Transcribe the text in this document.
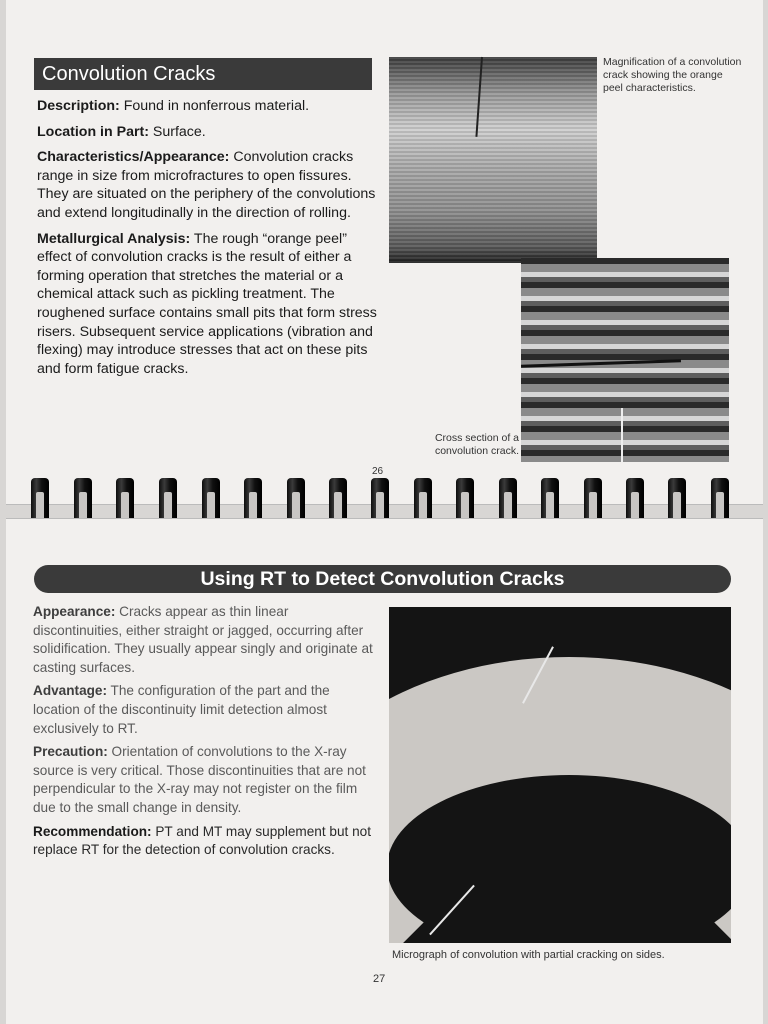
Convolution Cracks

Description: Found in nonferrous material.

Location in Part: Surface.

Characteristics/Appearance: Convolution cracks range in size from microfractures to open fissures. They are situated on the periphery of the convolutions and extend longitudinally in the direction of rolling.

Metallurgical Analysis: The rough “orange peel” effect of convolution cracks is the result of either a forming operation that stretches the material or a chemical attack such as pickling treatment. The roughened surface contains small pits that form stress risers. Subsequent service applications (vibration and flexing) may introduce stresses that act on these pits and form fatigue cracks.

Magnification of a convolution crack showing the orange peel characteristics.
Cross section of a convolution crack.
26
Using RT to Detect Convolution Cracks

Appearance: Cracks appear as thin linear discontinuities, either straight or jagged, occurring after solidification. They usually appear singly and originate at casting surfaces.

Advantage: The configuration of the part and the location of the discontinuity limit detection almost exclusively to RT.

Precaution: Orientation of convolutions to the X-ray source is very critical. Those discontinuities that are not perpendicular to the X-ray may not register on the film due to the small change in density.

Recommendation: PT and MT may supplement but not replace RT for the detection of convolution cracks.

Micrograph of convolution with partial cracking on sides.
27
